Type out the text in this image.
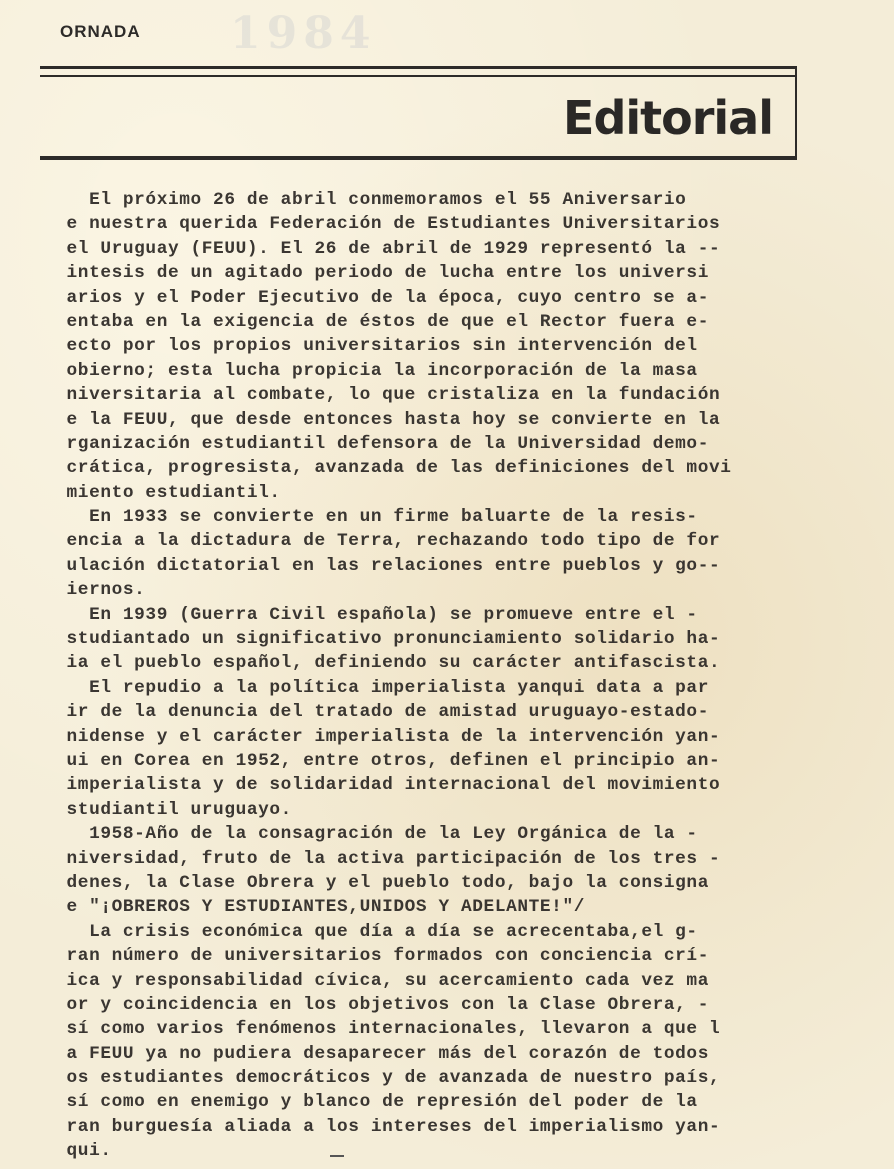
1984
ORNADA
Editorial
El próximo 26 de abril conmemoramos el 55 Aniversario
e nuestra querida Federación de Estudiantes Universitarios
el Uruguay (FEUU). El 26 de abril de 1929 representó la --
intesis de un agitado periodo de lucha entre los universi
arios y el Poder Ejecutivo de la época, cuyo centro se a-
entaba en la exigencia de éstos de que el Rector fuera e-
ecto por los propios universitarios sin intervención del
obierno; esta lucha propicia la incorporación de la masa
niversitaria al combate, lo que cristaliza en la fundación
e la FEUU, que desde entonces hasta hoy se convierte en la
rganización estudiantil defensora de la Universidad demo-
crática, progresista, avanzada de las definiciones del movi
miento estudiantil.
En 1933 se convierte en un firme baluarte de la resis-
encia a la dictadura de Terra, rechazando todo tipo de for
ulación dictatorial en las relaciones entre pueblos y go--
iernos.
En 1939 (Guerra Civil española) se promueve entre el -
studiantado un significativo pronunciamiento solidario ha-
ia el pueblo español, definiendo su carácter antifascista.
El repudio a la política imperialista yanqui data a par
ir de la denuncia del tratado de amistad uruguayo-estado-
nidense y el carácter imperialista de la intervención yan-
ui en Corea en 1952, entre otros, definen el principio an-
imperialista y de solidaridad internacional del movimiento
studiantil uruguayo.
1958-Año de la consagración de la Ley Orgánica de la -
niversidad, fruto de la activa participación de los tres -
denes, la Clase Obrera y el pueblo todo, bajo la consigna
e "¡OBREROS Y ESTUDIANTES,UNIDOS Y ADELANTE!"/
La crisis económica que día a día se acrecentaba,el g-
ran número de universitarios formados con conciencia crí-
ica y responsabilidad cívica, su acercamiento cada vez ma
or y coincidencia en los objetivos con la Clase Obrera, -
sí como varios fenómenos internacionales, llevaron a que l
a FEUU ya no pudiera desaparecer más del corazón de todos
os estudiantes democráticos y de avanzada de nuestro país,
sí como en enemigo y blanco de represión del poder de la
ran burguesía aliada a los intereses del imperialismo yan-
qui.
